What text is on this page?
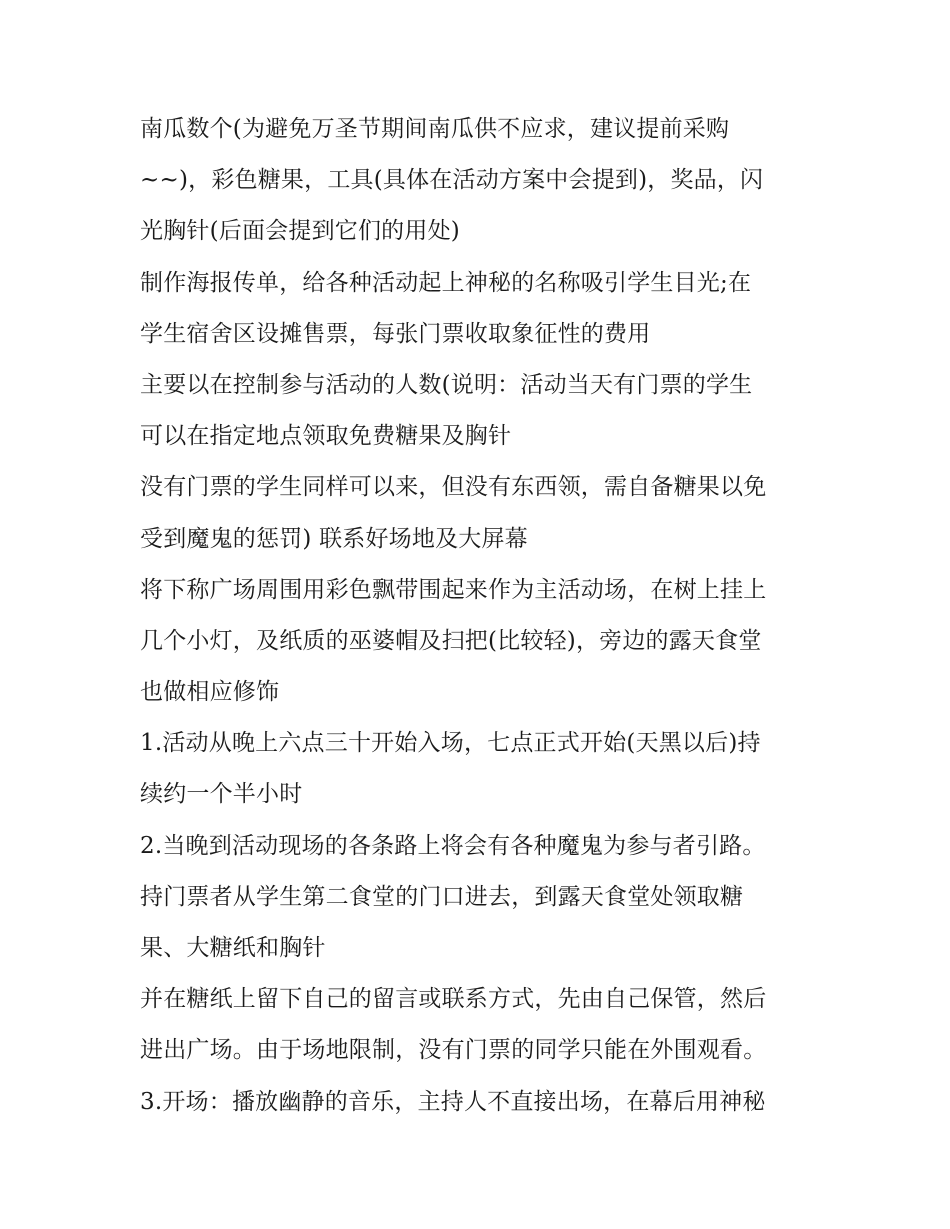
南瓜数个(为避免万圣节期间南瓜供不应求，建议提前采购
~~)，彩色糖果，工具(具体在活动方案中会提到)，奖品，闪
光胸针(后面会提到它们的用处)
制作海报传单，给各种活动起上神秘的名称吸引学生目光;在
学生宿舍区设摊售票，每张门票收取象征性的费用
主要以在控制参与活动的人数(说明：活动当天有门票的学生
可以在指定地点领取免费糖果及胸针
没有门票的学生同样可以来，但没有东西领，需自备糖果以免
受到魔鬼的惩罚) 联系好场地及大屏幕
将下称广场周围用彩色飘带围起来作为主活动场，在树上挂上
几个小灯，及纸质的巫婆帽及扫把(比较轻)，旁边的露天食堂
也做相应修饰
1.活动从晚上六点三十开始入场，七点正式开始(天黑以后)持
续约一个半小时
2.当晚到活动现场的各条路上将会有各种魔鬼为参与者引路。
持门票者从学生第二食堂的门口进去，到露天食堂处领取糖
果、大糖纸和胸针
并在糖纸上留下自己的留言或联系方式，先由自己保管，然后
进出广场。由于场地限制，没有门票的同学只能在外围观看。
3.开场：播放幽静的音乐，主持人不直接出场，在幕后用神秘
